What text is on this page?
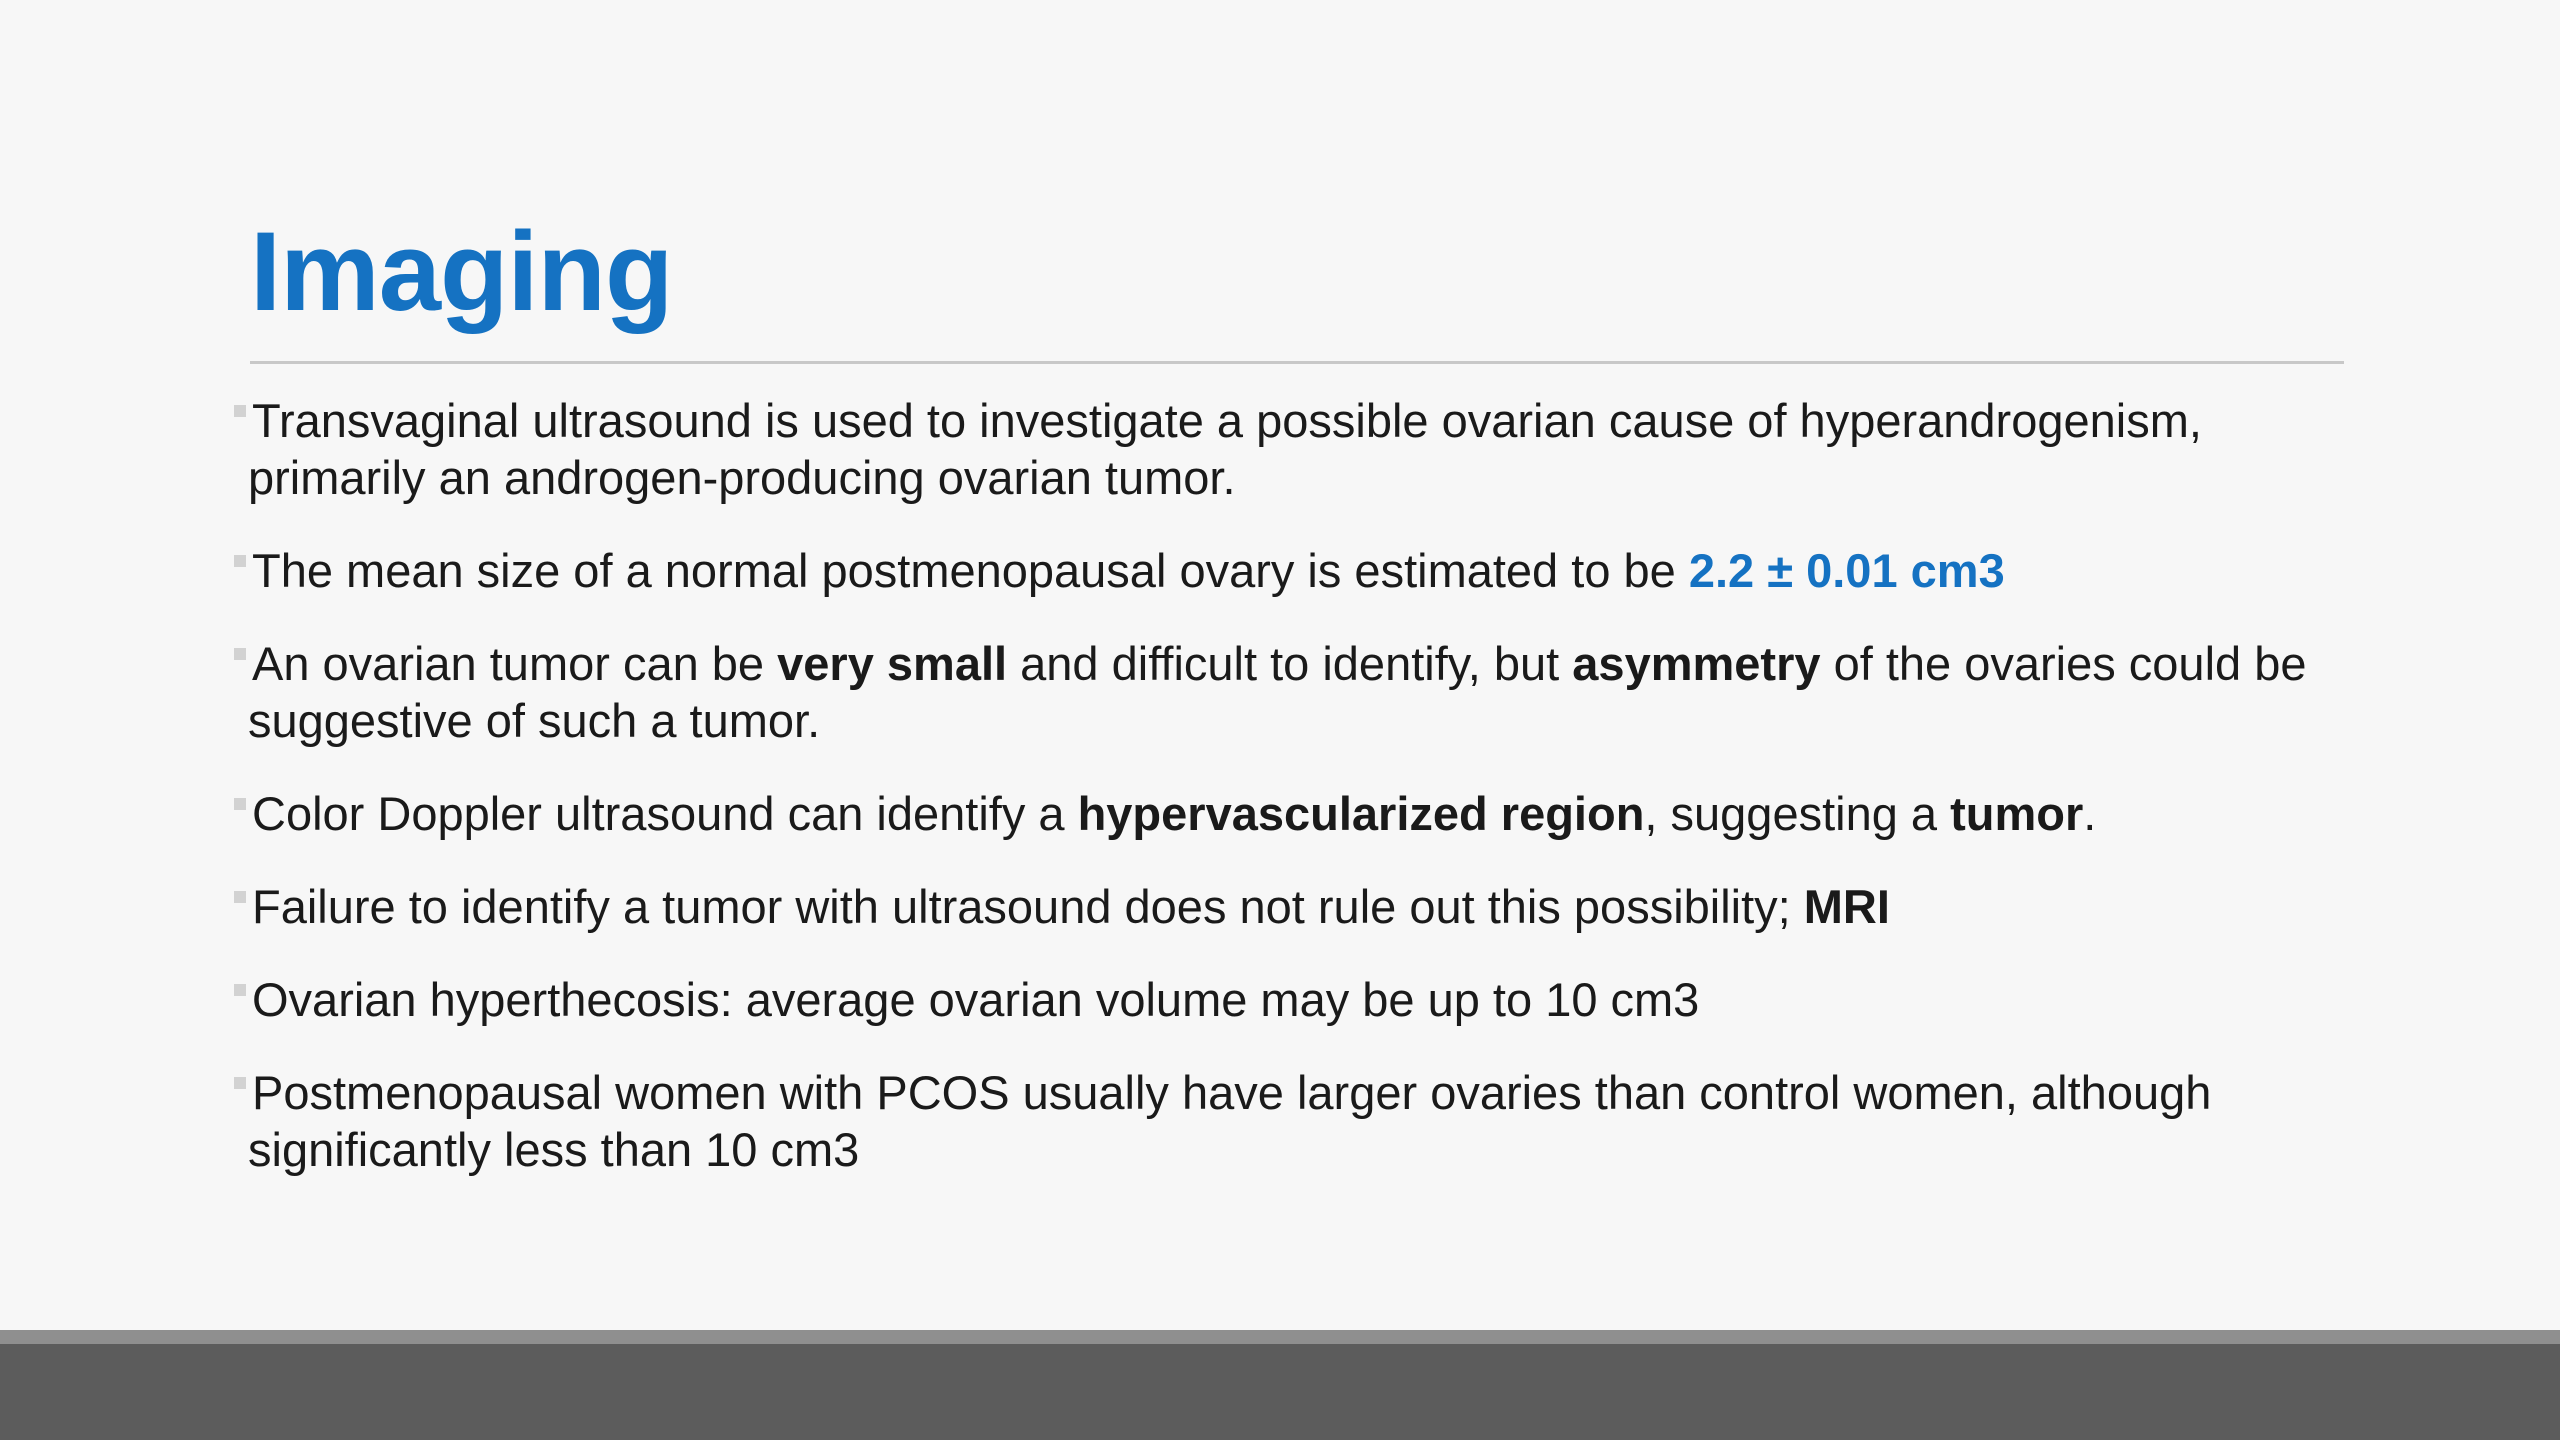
Imaging
Transvaginal ultrasound is used to investigate a possible ovarian cause of hyperandrogenism, primarily an androgen-producing ovarian tumor.
The mean size of a normal postmenopausal ovary is estimated to be 2.2 ± 0.01 cm3
An ovarian tumor can be very small and difficult to identify, but asymmetry of the ovaries could be suggestive of such a tumor.
Color Doppler ultrasound can identify a hypervascularized region, suggesting a tumor.
Failure to identify a tumor with ultrasound does not rule out this possibility; MRI
Ovarian hyperthecosis: average ovarian volume may be up to 10 cm3
Postmenopausal women with PCOS usually have larger ovaries than control women, although significantly less than 10 cm3
